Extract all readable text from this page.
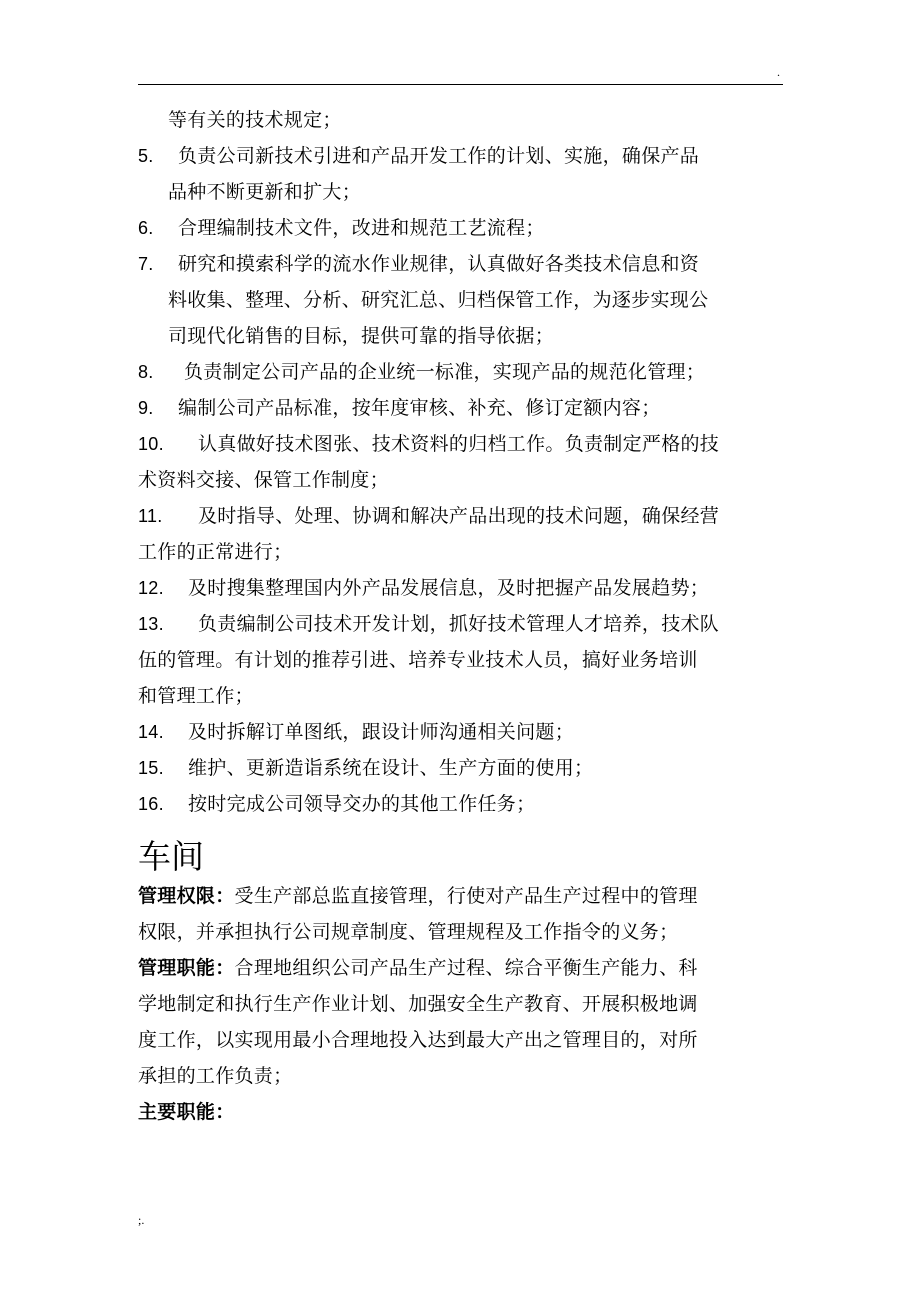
.
等有关的技术规定；
5. 负责公司新技术引进和产品开发工作的计划、实施，确保产品
品种不断更新和扩大；
6. 合理编制技术文件，改进和规范工艺流程；
7. 研究和摸索科学的流水作业规律，认真做好各类技术信息和资
料收集、整理、分析、研究汇总、归档保管工作，为逐步实现公
司现代化销售的目标，提供可靠的指导依据；
8. 负责制定公司产品的企业统一标准，实现产品的规范化管理；
9. 编制公司产品标准，按年度审核、补充、修订定额内容；
10. 认真做好技术图张、技术资料的归档工作。负责制定严格的技
术资料交接、保管工作制度；
11. 及时指导、处理、协调和解决产品出现的技术问题，确保经营
工作的正常进行；
12. 及时搜集整理国内外产品发展信息，及时把握产品发展趋势；
13. 负责编制公司技术开发计划，抓好技术管理人才培养，技术队
伍的管理。有计划的推荐引进、培养专业技术人员，搞好业务培训
和管理工作；
14. 及时拆解订单图纸，跟设计师沟通相关问题；
15. 维护、更新造诣系统在设计、生产方面的使用；
16. 按时完成公司领导交办的其他工作任务；
车间
管理权限：受生产部总监直接管理，行使对产品生产过程中的管理
权限，并承担执行公司规章制度、管理规程及工作指令的义务；
管理职能：合理地组织公司产品生产过程、综合平衡生产能力、科
学地制定和执行生产作业计划、加强安全生产教育、开展积极地调
度工作，以实现用最小合理地投入达到最大产出之管理目的，对所
承担的工作负责；
主要职能：
;.
